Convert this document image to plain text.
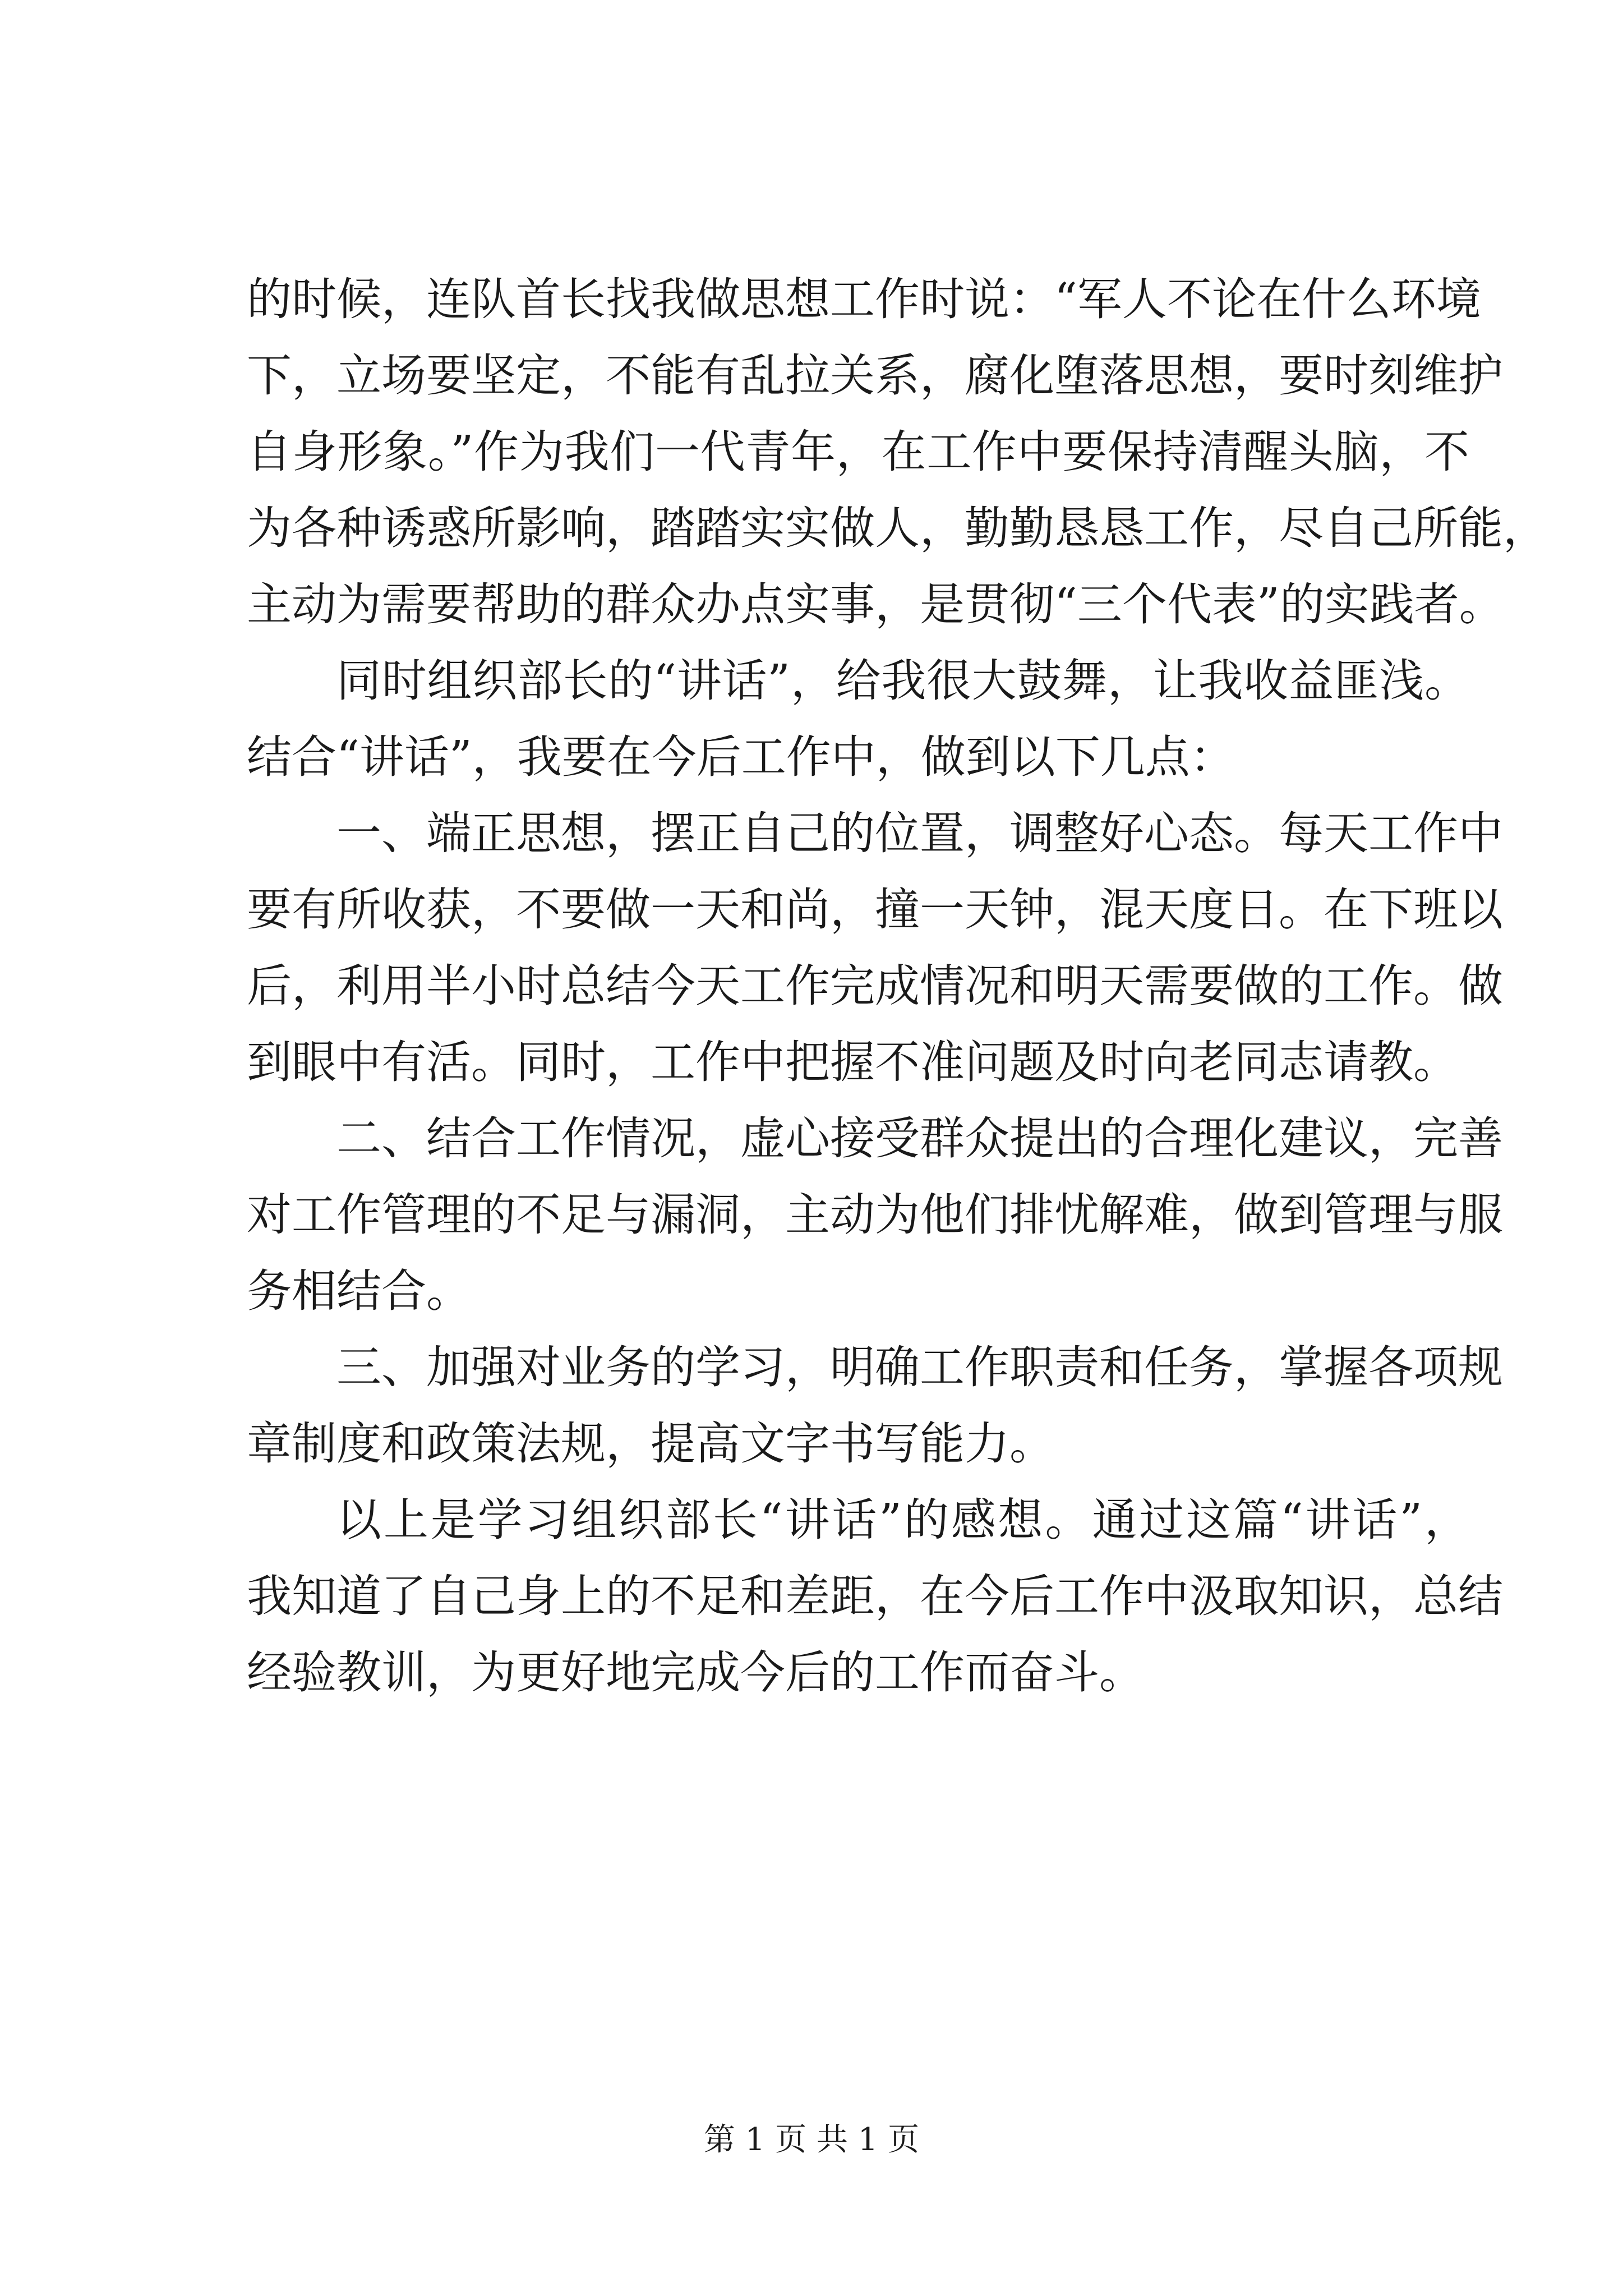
的时候，连队首长找我做思想工作时说：“军人不论在什么环境
下，立场要坚定，不能有乱拉关系，腐化堕落思想，要时刻维护
自身形象。”作为我们一代青年，在工作中要保持清醒头脑，不
为各种诱惑所影响，踏踏实实做人，勤勤恳恳工作，尽自己所能，
主动为需要帮助的群众办点实事，是贯彻“三个代表”的实践者。
同时组织部长的“讲话”，给我很大鼓舞，让我收益匪浅。
结合“讲话”，我要在今后工作中，做到以下几点：
一、端正思想，摆正自己的位置，调整好心态。每天工作中
要有所收获，不要做一天和尚，撞一天钟，混天度日。在下班以
后，利用半小时总结今天工作完成情况和明天需要做的工作。做
到眼中有活。同时，工作中把握不准问题及时向老同志请教。
二、结合工作情况，虚心接受群众提出的合理化建议，完善
对工作管理的不足与漏洞，主动为他们排忧解难，做到管理与服
务相结合。
三、加强对业务的学习，明确工作职责和任务，掌握各项规
章制度和政策法规，提高文字书写能力。
以上是学习组织部长“讲话”的感想。通过这篇“讲话”，
我知道了自己身上的不足和差距，在今后工作中汲取知识，总结
经验教训，为更好地完成今后的工作而奋斗。
第 1 页 共 1 页
